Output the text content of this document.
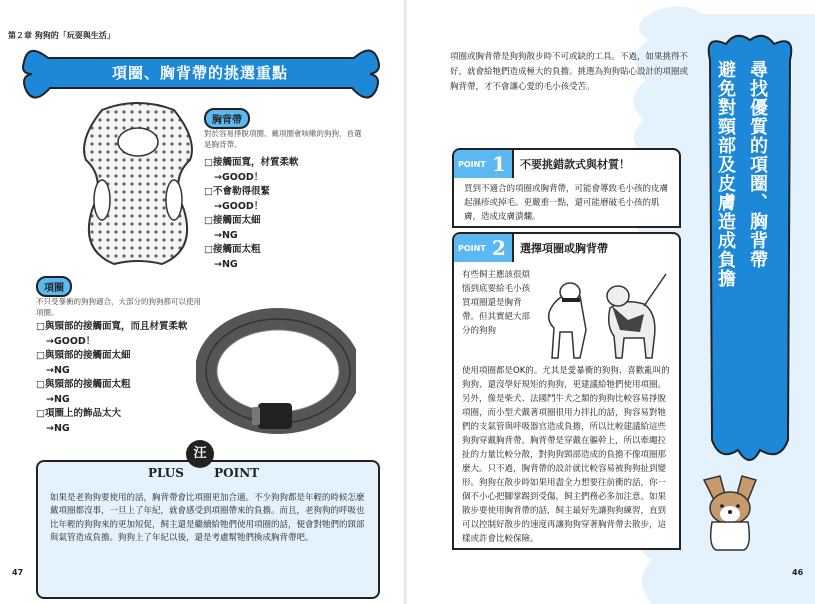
第２章 狗狗的「玩耍與生活」
項圈、胸背帶的挑選重點
胸背帶
對於容易掙脫項圈、戴項圈會咳嗽的狗狗，首選是胸背帶。
□接觸面寬，材質柔軟
→GOOD！
□不會勒得很緊
→GOOD！
□接觸面太細
→NG
□接觸面太粗
→NG
項圈
不只受暴衝的狗狗適合，大部分的狗狗都可以使用項圈。
□與頸部的接觸面寬，而且材質柔軟
→GOOD！
□與頸部的接觸面太細
→NG
□與頸部的接觸面太粗
→NG
□項圈上的飾品太大
→NG
汪
PLUS	POINT
如果是老狗狗要使用的話，胸背帶會比項圈更加合適。不少狗狗都是年輕的時候怎麼戴項圈都沒事，一旦上了年紀，就會感受到項圈帶來的負擔。而且，老狗狗的呼吸也比年輕的狗狗來的更加短促，飼主還是繼續給牠們使用項圈的話，便會對牠們的頸部與氣管造成負擔。狗狗上了年紀以後，還是考慮幫牠們換成胸背帶吧。
47
項圈或胸背帶是狗狗散步時不可或缺的工具。不過，如果挑得不好，就會給牠們造成極大的負擔。挑選為狗狗貼心設計的項圈或胸背帶，才不會讓心愛的毛小孩受苦。
POINT 1 不要挑錯款式與材質！
買到不適合的項圈或胸背帶，可能會導致毛小孩的皮膚起濕疹或掉毛。更嚴重一點，還可能磨破毛小孩的肌膚，造成皮膚潰爛。
POINT 2 選擇項圈或胸背帶
有些飼主應該很煩惱到底要給毛小孩買項圈還是胸背帶。但其實絕大部分的狗狗
使用項圈都是OK的。尤其是愛暴衝的狗狗、喜歡亂叫的狗狗、還沒學好規矩的狗狗，更建議給牠們使用項圈。另外，像是柴犬、法國鬥牛犬之類的狗狗比較容易掙脫項圈，而小型犬戴著項圈很用力拌扎的話，狗容易對牠們的支氣管與呼吸器官造成負擔，所以比較建議給這些狗狗穿戴胸背帶。胸背帶是穿戴在軀幹上，所以牽繩拉扯的力量比較分散，對狗狗頸部造成的負擔不像項圈那麼大。只不過，胸背帶的設計就比較容易被狗狗扯到變形。狗狗在散步時如果用盡全力想要往前衝的話，你一個不小心把腳掌踢到受傷，飼主們務必多加注意。如果散步要使用胸背帶的話，飼主最好先讓狗狗練習，直到可以控制好散步的速度再讓狗狗穿著胸背帶去散步，這樣或許會比較保險。
尋找優質的項圈、胸背帶
避免對頸部及皮膚造成負擔
46
